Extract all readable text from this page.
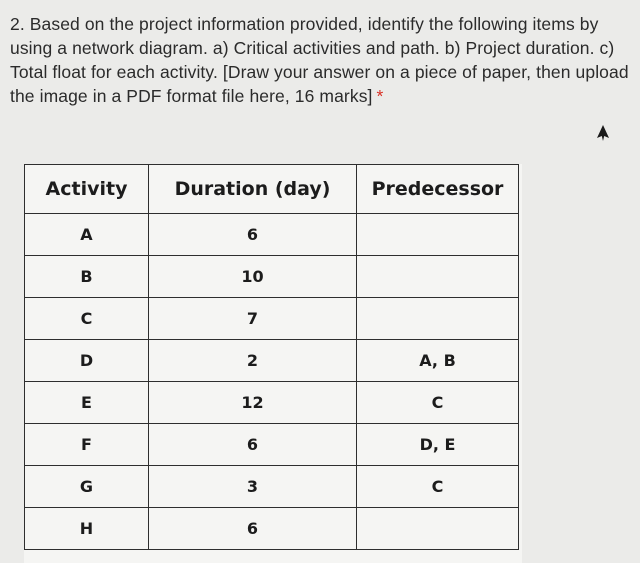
2. Based on the project information provided, identify the following items by using a network diagram. a) Critical activities and path. b) Project duration. c) Total float for each activity. [Draw your answer on a piece of paper, then upload the image in a PDF format file here, 16 marks] *
Activity	Duration (day)	Predecessor
A	6	
B	10	
C	7	
D	2	A, B
E	12	C
F	6	D, E
G	3	C
H	6	
